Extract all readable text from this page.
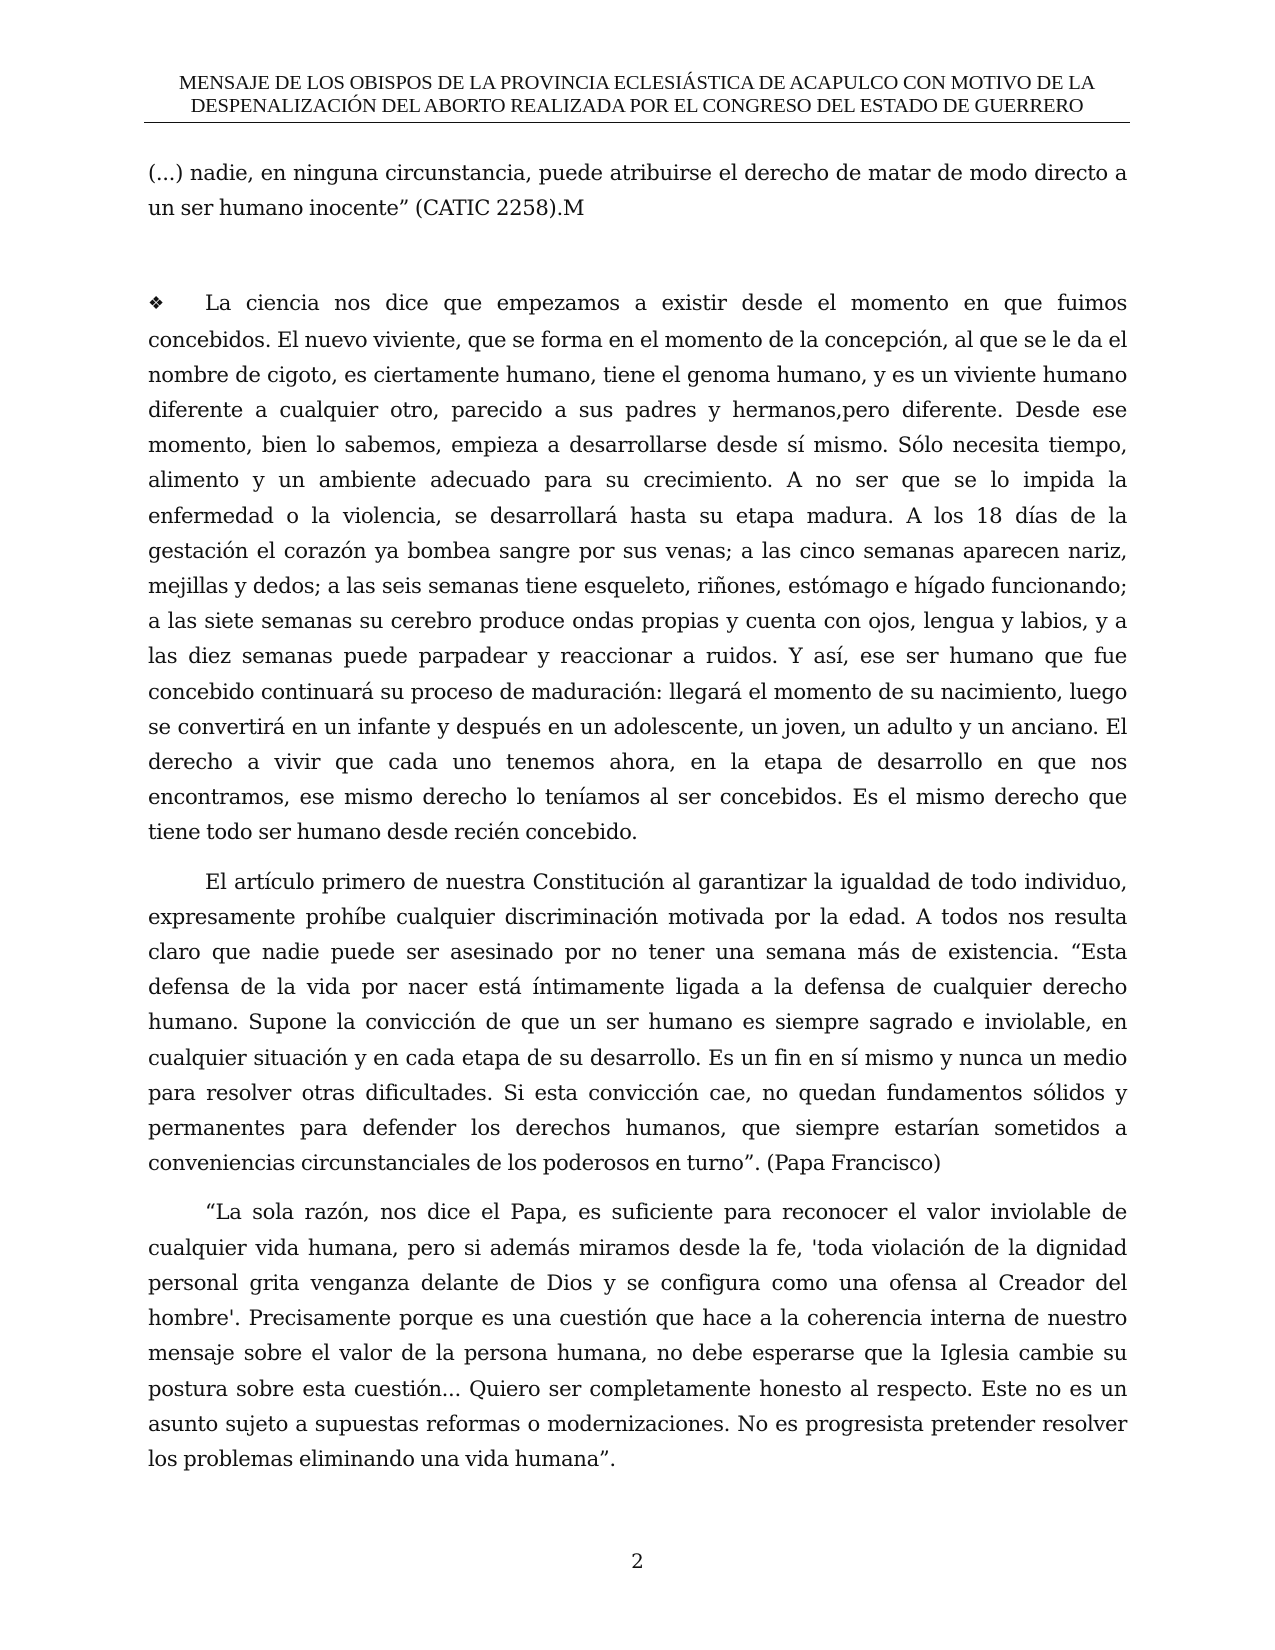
MENSAJE DE LOS OBISPOS DE LA PROVINCIA ECLESIÁSTICA DE ACAPULCO CON MOTIVO DE LA
DESPENALIZACIÓN DEL ABORTO REALIZADA POR EL CONGRESO DEL ESTADO DE GUERRERO

(...) nadie, en ninguna circunstancia, puede atribuirse el derecho de matar de modo directo a un ser humano inocente” (CATIC 2258).M

❖ La ciencia nos dice que empezamos a existir desde el momento en que fuimos concebidos. El nuevo viviente, que se forma en el momento de la concepción, al que se le da el nombre de cigoto, es ciertamente humano, tiene el genoma humano, y es un viviente humano diferente a cualquier otro, parecido a sus padres y hermanos,pero diferente. Desde ese momento, bien lo sabemos, empieza a desarrollarse desde sí mismo. Sólo necesita tiempo, alimento y un ambiente adecuado para su crecimiento. A no ser que se lo impida la enfermedad o la violencia, se desarrollará hasta su etapa madura. A los 18 días de la gestación el corazón ya bombea sangre por sus venas; a las cinco semanas aparecen nariz, mejillas y dedos; a las seis semanas tiene esqueleto, riñones, estómago e hígado funcionando; a las siete semanas su cerebro produce ondas propias y cuenta con ojos, lengua y labios, y a las diez semanas puede parpadear y reaccionar a ruidos. Y así, ese ser humano que fue concebido continuará su proceso de maduración: llegará el momento de su nacimiento, luego se convertirá en un infante y después en un adolescente, un joven, un adulto y un anciano. El derecho a vivir que cada uno tenemos ahora, en la etapa de desarrollo en que nos encontramos, ese mismo derecho lo teníamos al ser concebidos. Es el mismo derecho que tiene todo ser humano desde recién concebido.

El artículo primero de nuestra Constitución al garantizar la igualdad de todo individuo, expresamente prohíbe cualquier discriminación motivada por la edad. A todos nos resulta claro que nadie puede ser asesinado por no tener una semana más de existencia. “Esta defensa de la vida por nacer está íntimamente ligada a la defensa de cualquier derecho humano. Supone la convicción de que un ser humano es siempre sagrado e inviolable, en cualquier situación y en cada etapa de su desarrollo. Es un fin en sí mismo y nunca un medio para resolver otras dificultades. Si esta convicción cae, no quedan fundamentos sólidos y permanentes para defender los derechos humanos, que siempre estarían sometidos a conveniencias circunstanciales de los poderosos en turno”. (Papa Francisco)

“La sola razón, nos dice el Papa, es suficiente para reconocer el valor inviolable de cualquier vida humana, pero si además miramos desde la fe, 'toda violación de la dignidad personal grita venganza delante de Dios y se configura como una ofensa al Creador del hombre'. Precisamente porque es una cuestión que hace a la coherencia interna de nuestro mensaje sobre el valor de la persona humana, no debe esperarse que la Iglesia cambie su postura sobre esta cuestión... Quiero ser completamente honesto al respecto. Este no es un asunto sujeto a supuestas reformas o modernizaciones. No es progresista pretender resolver los problemas eliminando una vida humana”.

2
